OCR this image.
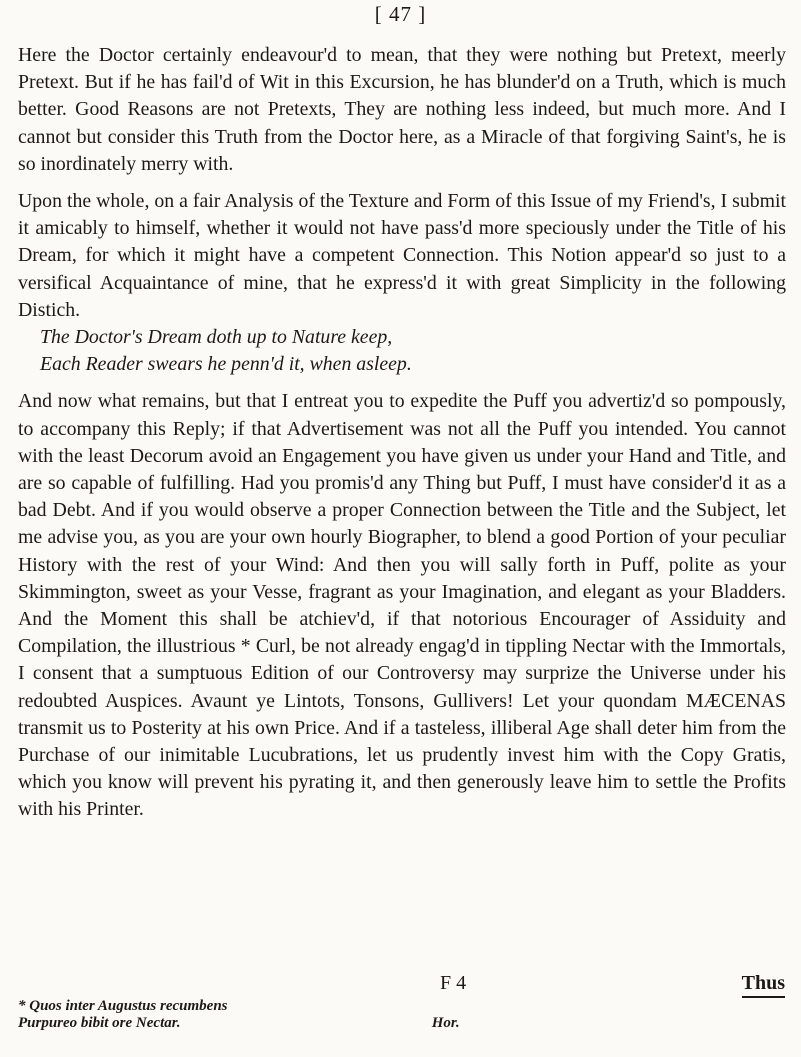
[ 47 ]

Here the Doctor certainly endeavour'd to mean, that they were nothing but Pretext, meerly Pretext. But if he has fail'd of Wit in this Excursion, he has blunder'd on a Truth, which is much better. Good Reasons are not Pretexts, They are nothing less indeed, but much more. And I cannot but consider this Truth from the Doctor here, as a Miracle of that forgiving Saint's, he is so inordinately merry with.

Upon the whole, on a fair Analysis of the Texture and Form of this Issue of my Friend's, I submit it amicably to himself, whether it would not have pass'd more speciously under the Title of his Dream, for which it might have a competent Connection. This Notion appear'd so just to a versifical Acquaintance of mine, that he express'd it with great Simplicity in the following Distich.

The Doctor's Dream doth up to Nature keep,

Each Reader swears he penn'd it, when asleep.

And now what remains, but that I entreat you to expedite the Puff you advertiz'd so pompously, to accompany this Reply; if that Advertisement was not all the Puff you intended. You cannot with the least Decorum avoid an Engagement you have given us under your Hand and Title, and are so capable of fulfilling. Had you promis'd any Thing but Puff, I must have consider'd it as a bad Debt. And if you would observe a proper Connection between the Title and the Subject, let me advise you, as you are your own hourly Biographer, to blend a good Portion of your peculiar History with the rest of your Wind: And then you will sally forth in Puff, polite as your Skimmington, sweet as your Vesse, fragrant as your Imagination, and elegant as your Bladders. And the Moment this shall be atchiev'd, if that notorious Encourager of Assiduity and Compilation, the illustrious * Curl, be not already engag'd in tippling Nectar with the Immortals, I consent that a sumptuous Edition of our Controversy may surprize the Universe under his redoubted Auspices. Avaunt ye Lintots, Tonsons, Gullivers! Let your quondam MÆCENAS transmit us to Posterity at his own Price. And if a tasteless, illiberal Age shall deter him from the Purchase of our inimitable Lucubrations, let us prudently invest him with the Copy Gratis, which you know will prevent his pyrating it, and then generously leave him to settle the Profits with his Printer.

F 4	Thus
* Quos inter Augustus recumbens
Purpureo bibit ore Nectar.	Hor.
